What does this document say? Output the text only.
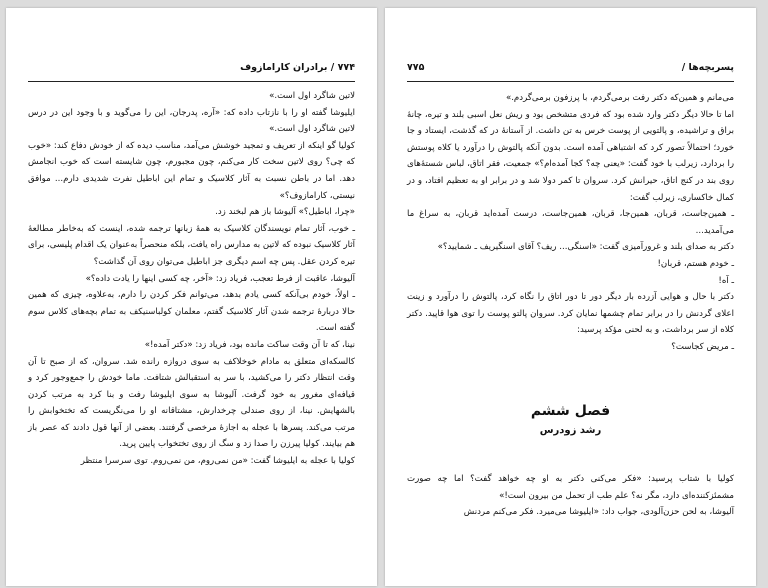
۷۷۴ / برادران کارامازوف

لاتین شاگرد اول است.»

ایلیوشا گفته او را با نازتاب داده که: «آره، پدرجان، این را می‌گوید و با وجود این در درس لاتین شاگرد اول است.»

کولیا گو اینکه از تعریف و تمجید خوشش می‌آمد، مناسب دیده که از خودش دفاع کند: «خوب که چی؟ روی لاتین سخت کار می‌کنم، چون مجبورم، چون شایسته است که خوب انجامش دهد. اما در باطن نسبت به آثار کلاسیک و تمام این اباطیل نفرت شدیدی دارم... موافق نیستی، کارامازوف؟»

«چرا، اباطیل؟» آلیوشا باز هم لبخند زد.

ـ خوب، آثار تمام نویسندگان کلاسیک به همهٔ زبانها ترجمه شده، اینست که به‌خاطر مطالعهٔ آثار کلاسیک نبوده که لاتین به مدارس راه یافت، بلکه منحصراً به‌عنوان یک اقدام پلیسی، برای تیره کردن عقل. پس چه اسم دیگری جز اباطیل می‌توان روی آن گذاشت؟

آلیوشا، عاقبت از فرط تعجب، فریاد زد: «آخر، چه کسی اینها را یادت داده؟»

ـ اولاً، خودم بی‌آنکه کسی یادم بدهد، می‌توانم فکر کردن را دارم، به‌علاوه، چیزی که همین حالا دربارهٔ ترجمه شدن آثار کلاسیک گفتم، معلمان کولباسنیکف به تمام بچه‌های کلاس سوم گفته است.

نینا، که تا آن وقت ساکت مانده بود، فریاد زد: «دکتر آمده!»

کالسکه‌ای متعلق به مادام خوخلاکف به سوی دروازه رانده شد. سروان، که از صبح تا آن وقت انتظار دکتر را می‌کشید، با سر به استقبالش شتافت. ماما خودش را جمع‌وجور کرد و قیافه‌ای مغرور به خود گرفت. آلیوشا به سوی ایلیوشا رفت و بنا کرد به مرتب کردن بالشهایش. نینا، از روی صندلی چرخدارش، مشتاقانه او را می‌نگریست که تختخوابش را مرتب می‌کند. پسرها با عجله به اجازهٔ مرخصی گرفتند. بعضی از آنها قول دادند که عصر باز هم بیایند. کولیا پیرزن را صدا زد و سگ از روی تختخواب پایین پرید.

کولیا با عجله به ایلیوشا گفت: «من نمی‌روم، من نمی‌روم. توی سرسرا منتظر

پسربچه‌ها /
۷۷۵

می‌مانم و همین‌که دکتر رفت برمی‌گردم، با پرزفون برمی‌گردم.»

اما تا حالا دیگر دکتر وارد شده بود که فردی متشخص بود و ریش نعل اسبی بلند و تیره، چانهٔ براق و تراشیده، و پالتویی از پوست خرس به تن داشت. از آستانهٔ در که گذشت، ایستاد و جا خورد؛ احتمالاً تصور کرد که اشتباهی آمده است. بدون آنکه پالتوش را درآورد یا کلاه پوستش را بردارد، زیرلب با خود گفت: «یعنی چه؟ کجا آمده‌ام؟» جمعیت، فقر اتاق، لباس شستهٔ‌های روی بند در کنج اتاق، حیرانش کرد. سروان تا کمر دولا شد و در برابر او به تعظیم افتاد، و در کمال خاکساری، زیرلب گفت:

ـ همین‌جاست، قربان، همین‌جا، قربان، همین‌جاست، درست آمده‌اید قربان، به سراغ ما می‌آمدید...

دکتر به صدای بلند و غرورآمیزی گفت: «اسنگی... ریف؟ آقای اسنگیریف ـ شمایید؟»

ـ خودم هستم، قربان!

ـ آه!

دکتر با حال و هوایی آزرده بار دیگر دور تا دور اتاق را نگاه کرد، پالتوش را درآورد و زینت اعلای گردنش را در برابر تمام چشمها نمایان کرد. سروان پالتو پوست را توی هوا قاپید. دکتر کلاه از سر برداشت، و به لحنی مؤکد پرسید:

ـ مریض کجاست؟

فصل ششم
رشد زودرس

کولیا با شتاب پرسید: «فکر می‌کنی دکتر به او چه خواهد گفت؟ اما چه صورت مشمئزکننده‌ای دارد، مگر نه؟ علم طب از تحمل من بیرون است!»

آلیوشا، به لحن حزن‌آلودی، جواب داد: «ایلیوشا می‌میرد. فکر می‌کنم مردنش
